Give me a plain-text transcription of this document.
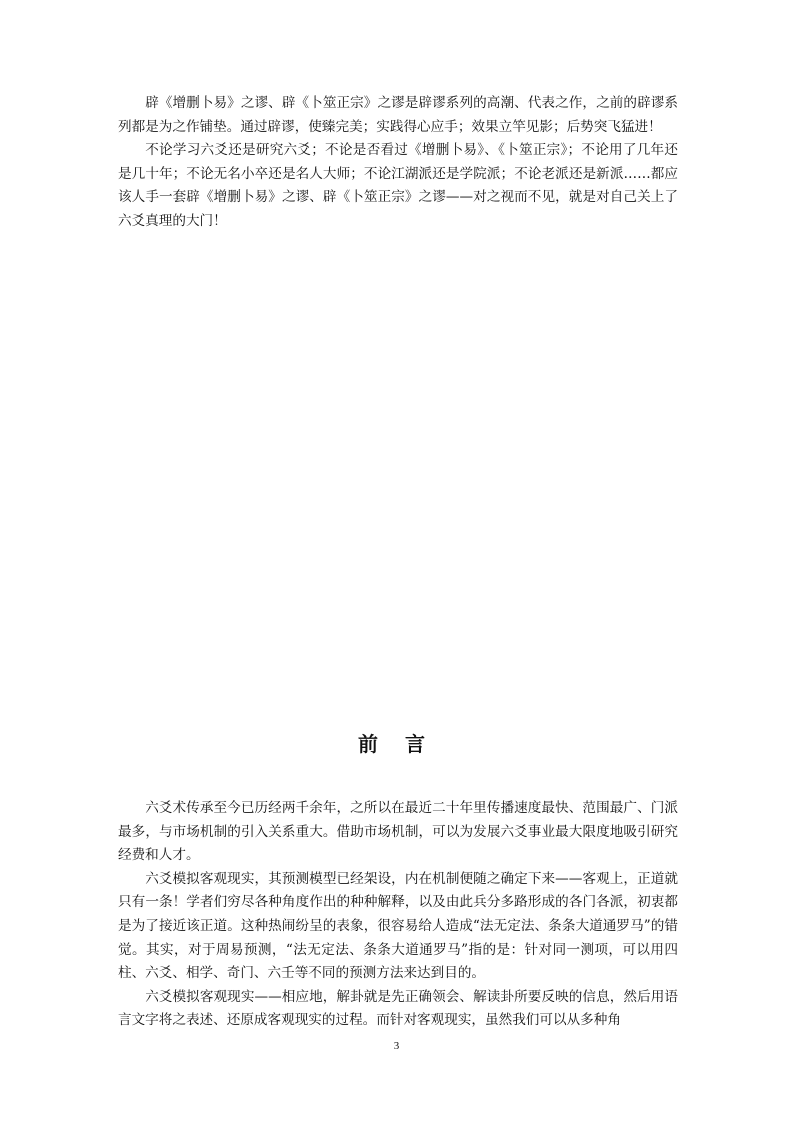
辟《增删卜易》之谬、辟《卜筮正宗》之谬是辟谬系列的高潮、代表之作，之前的辟谬系列都是为之作铺垫。通过辟谬，使臻完美；实践得心应手；效果立竿见影；后势突飞猛进！

不论学习六爻还是研究六爻；不论是否看过《增删卜易》、《卜筮正宗》；不论用了几年还是几十年；不论无名小卒还是名人大师；不论江湖派还是学院派；不论老派还是新派……都应该人手一套辟《增删卜易》之谬、辟《卜筮正宗》之谬——对之视而不见，就是对自己关上了六爻真理的大门！

前 言

六爻术传承至今已历经两千余年，之所以在最近二十年里传播速度最快、范围最广、门派最多，与市场机制的引入关系重大。借助市场机制，可以为发展六爻事业最大限度地吸引研究经费和人才。

六爻模拟客观现实，其预测模型已经架设，内在机制便随之确定下来——客观上，正道就只有一条！学者们穷尽各种角度作出的种种解释，以及由此兵分多路形成的各门各派，初衷都是为了接近该正道。这种热闹纷呈的表象，很容易给人造成“法无定法、条条大道通罗马”的错觉。其实，对于周易预测，“法无定法、条条大道通罗马”指的是：针对同一测项，可以用四柱、六爻、相学、奇门、六壬等不同的预测方法来达到目的。

六爻模拟客观现实——相应地，解卦就是先正确领会、解读卦所要反映的信息，然后用语言文字将之表述、还原成客观现实的过程。而针对客观现实，虽然我们可以从多种角

3
